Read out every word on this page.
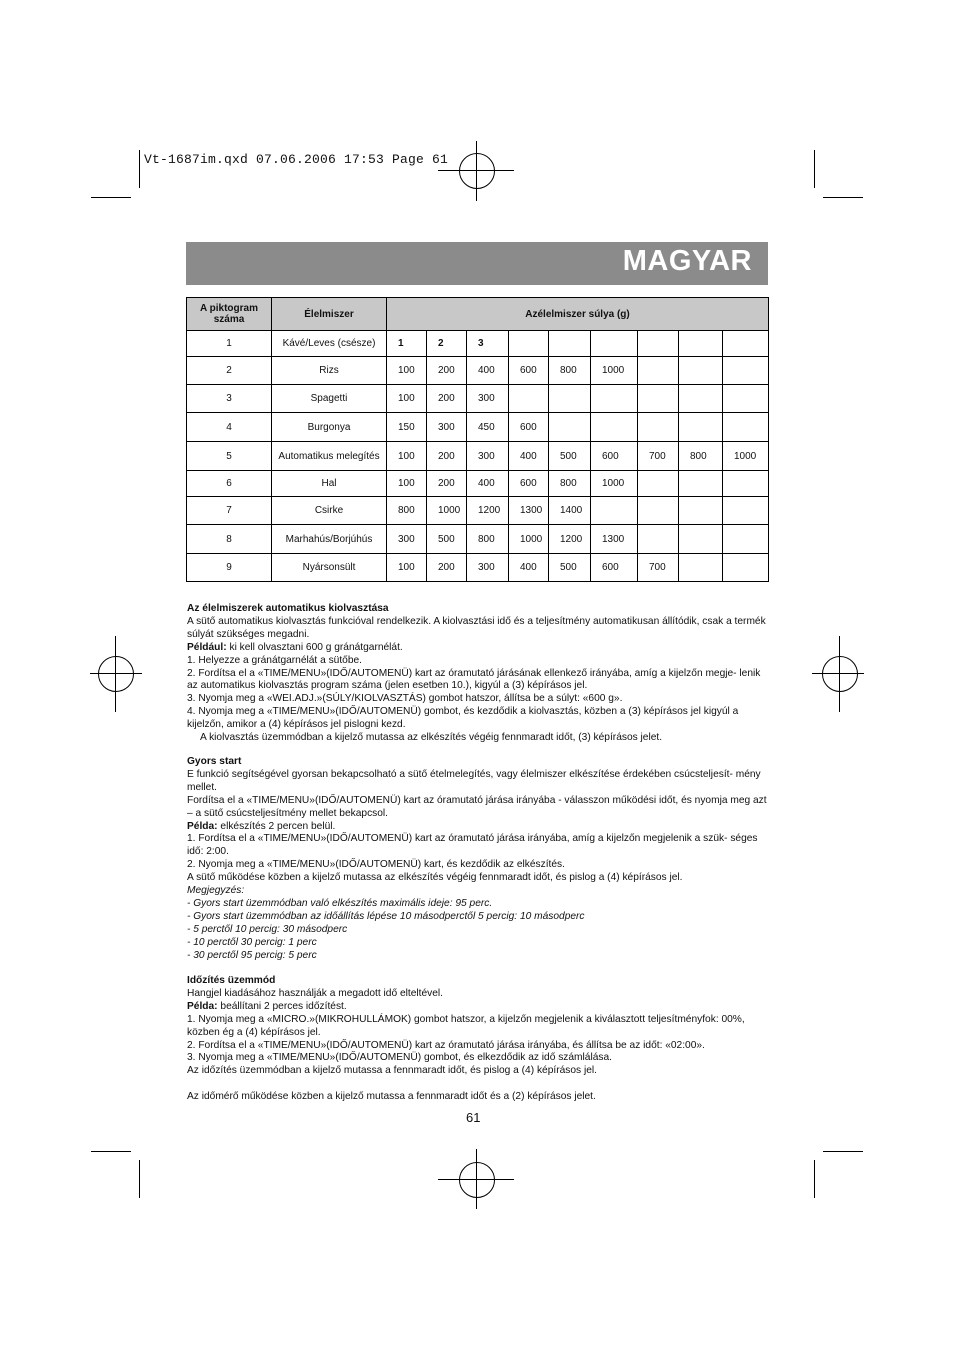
Vt-1687im.qxd 07.06.2006 17:53 Page 61
MAGYAR
A piktogram száma	Élelmiszer	Azélelmiszer súlya (g)								
1	Kávé/Leves (csésze)	1	2	3						
2	Rizs	100	200	400	600	800	1000			
3	Spagetti	100	200	300						
4	Burgonya	150	300	450	600					
5	Automatikus melegítés	100	200	300	400	500	600	700	800	1000
6	Hal	100	200	400	600	800	1000			
7	Csirke	800	1000	1200	1300	1400				
8	Marhahús/Borjúhús	300	500	800	1000	1200	1300			
9	Nyársonsült	100	200	300	400	500	600	700		

Az élelmiszerek automatikus kiolvasztása

A sütő automatikus kiolvasztás funkcióval rendelkezik. A kiolvasztási idő és a teljesítmény automatikusan állítódik, csak a termék súlyát szükséges megadni.

Például: ki kell olvasztani 600 g gránátgarnélát.

1. Helyezze a gránátgarnélát a sütőbe.

2. Fordítsa el a «TIME/MENU»(IDŐ/AUTOMENÜ) kart az óramutató járásának ellenkező irányába, amíg a kijelzőn megje- lenik az automatikus kiolvasztás program száma (jelen esetben 10.), kigyúl a (3) képírásos jel.

3. Nyomja meg a «WEI.ADJ.»(SÚLY/KIOLVASZTÁS) gombot hatszor, állítsa be a súlyt: «600 g».

4. Nyomja meg a «TIME/MENU»(IDŐ/AUTOMENÜ) gombot, és kezdődik a kiolvasztás, közben a (3) képírásos jel kigyúl a kijelzőn, amikor a (4) képírásos jel pislogni kezd.

A kiolvasztás üzemmódban a kijelző mutassa az elkészítés végéig fennmaradt időt, (3) képírásos jelet.

Gyors start

E funkció segítségével gyorsan bekapcsolható a sütő ételmelegítés, vagy élelmiszer elkészítése érdekében csúcsteljesít- mény mellet.

Fordítsa el a «TIME/MENU»(IDŐ/AUTOMENÜ) kart az óramutató járása irányába - válasszon működési időt, és nyomja meg azt – a sütő csúcsteljesítmény mellet bekapcsol.

Példa: elkészítés 2 percen belül.

1. Fordítsa el a «TIME/MENU»(IDŐ/AUTOMENÜ) kart az óramutató járása irányába, amíg a kijelzőn megjelenik a szük- séges idő: 2:00.

2. Nyomja meg a «TIME/MENU»(IDŐ/AUTOMENÜ) kart, és kezdődik az elkészítés.

A sütő működése közben a kijelző mutassa az elkészítés végéig fennmaradt időt, és pislog a (4) képírásos jel.

Megjegyzés:

- Gyors start üzemmódban való elkészítés maximális ideje: 95 perc.

- Gyors start üzemmódban az időállítás lépése 10 másodperctől 5 percig: 10 másodperc

- 5 perctől 10 percig: 30 másodperc

- 10 perctől 30 percig: 1 perc

- 30 perctől 95 percig: 5 perc

Időzítés üzemmód

Hangjel kiadásához használják a megadott idő elteltével.

Példa: beállítani 2 perces időzítést.

1. Nyomja meg a «MICRO.»(MIKROHULLÁMOK) gombot hatszor, a kijelzőn megjelenik a kiválasztott teljesítményfok: 00%, közben ég a (4) képírásos jel.

2. Fordítsa el a «TIME/MENU»(IDŐ/AUTOMENÜ) kart az óramutató járása irányába, és állítsa be az időt: «02:00».

3. Nyomja meg a «TIME/MENU»(IDŐ/AUTOMENÜ) gombot, és elkezdődik az idő számlálása.

Az időzítés üzemmódban a kijelző mutassa a fennmaradt időt, és pislog a (4) képírásos jel.

Az időmérő működése közben a kijelző mutassa a fennmaradt időt és a (2) képírásos jelet.

61
